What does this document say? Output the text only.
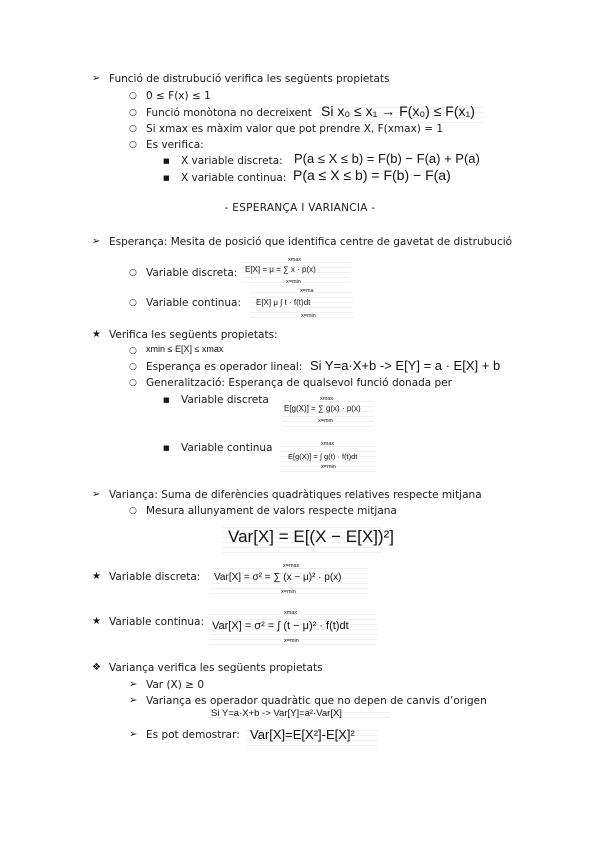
➢ Funció de distrubució verifica les següents propietats
○ 0 ≤ F(x) ≤ 1
○ Funció monòtona no decreixent Si x₀ ≤ x₁ → F(x₀) ≤ F(x₁)
○ Si xmax es màxim valor que pot prendre X, F(xmax) = 1
○ Es verifica:
■ X variable discreta: P(a ≤ X ≤ b) = F(b) − F(a) + P(a)
■ X variable continua: P(a ≤ X ≤ b) = F(b) − F(a)
- ESPERANÇA I VARIANCIA -
➢ Esperança: Mesita de posició que identifica centre de gavetat de distrubució
○ Variable discreta:
xmax
E[X] = μ = ∑ x · p(x)
x=min
○ Variable continua:
x=ma
E[X] μ ∫ t · f(t)dt
x=min
★ Verifica les següents propietats:
○ xmin ≤ E[X] ≤ xmax
○ Esperança es operador lineal: Si Y=a·X+b -> E[Y] = a · E[X] + b
○ Generalització: Esperança de qualsevol funció donada per
■ Variable discreta	xmax
E[g(X)] = ∑ g(x) · p(x)
x=min
■ Variable continua	xmax
E[g(X)] = ∫ g(t) · f(t)dt
x=min
➢ Variança: Suma de diferències quadràtiques relatives respecte mitjana
○ Mesura allunyament de valors respecte mitjana
Var[X] = E[(X − E[X])²]
★ Variable discreta:
x=max
Var[X] = σ² = ∑ (x − μ)² · p(x)
x=min
★ Variable continua:
xmax
Var[X] = σ² = ∫ (t − μ)² · f(t)dt
x=min
❖ Variança verifica les següents propietats
➢ Var (X) ≥ 0
➢ Variança es operador quadràtic que no depen de canvis d’origen
Si Y=a·X+b -> Var[Y]=a²·Var[X]
➢ Es pot demostrar: Var[X]=E[X²]-E[X]²
